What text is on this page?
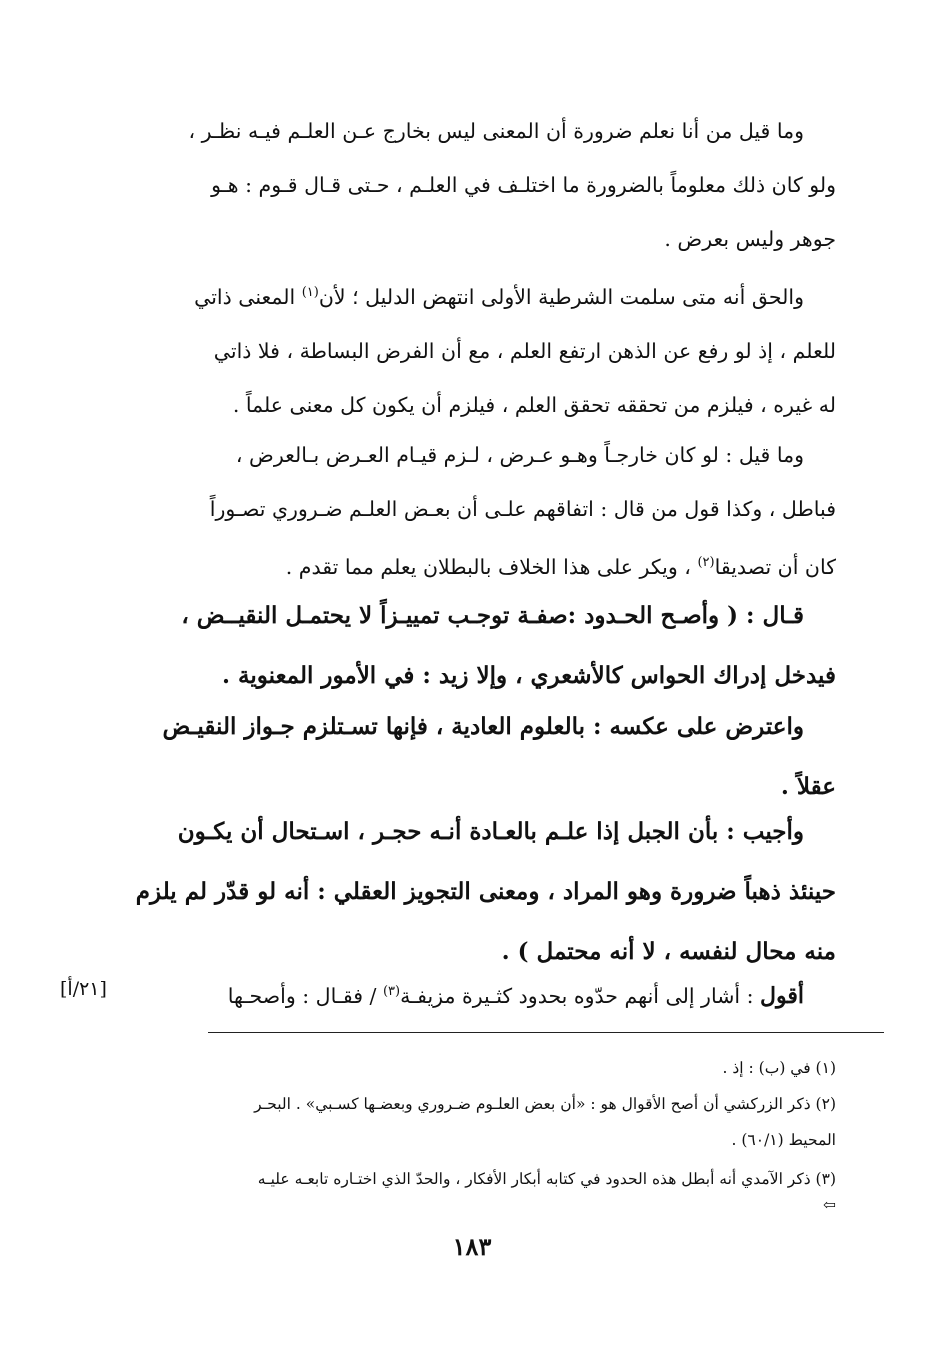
وما قيل من أنا نعلم ضرورة أن المعنى ليس بخارج عـن العلـم فيـه نظـر ،
ولو كان ذلك معلوماً بالضرورة ما اختلـف في العلـم ، حـتى قـال قـوم : هـو
جوهر وليس بعرض .
والحق أنه متى سلمت الشرطية الأولى انتهض الدليل ؛ لأن$^{(١)}$ المعنى ذاتي
للعلم ، إذ لو رفع عن الذهن ارتفع العلم ، مع أن الفرض البساطة ، فلا ذاتي
له غيره ، فيلزم من تحققه تحقق العلم ، فيلزم أن يكون كل معنى علماً .
وما قيل : لو كان خارجـاً وهـو عـرض ، لـزم قيـام العـرض بـالعرض ،
فباطل ، وكذا قول من قال : اتفاقهم علـى أن بعـض العلـم ضـروري تصـوراً
كان أن تصديقا$^{(٢)}$ ، ويكر على هذا الخلاف بالبطلان يعلم مما تقدم .
قـال : ( وأصـح الحـدود :صفـة توجـب تمييـزاً لا يحتمـل النقيــض ،
فيدخل إدراك الحواس كالأشعري ، وإلا زيد : في الأمور المعنوية .
واعترض على عكسه : بالعلوم العادية ، فإنها تسـتلزم جـواز النقيـض
عقلاً .
وأجيب : بأن الجبل إذا علـم بالعـادة أنـه حجـر ، اسـتحال أن يكـون
حينئذ ذهباً ضرورة وهو المراد ، ومعنى التجويز العقلي : أنه لو قدّر لم يلزم
منه محال لنفسه ، لا أنه محتمل ) .
أقول : أشار إلى أنهم حدّوه بحدود كثـيرة مزيفـة$^{(٣)}$ / فقـال : وأصحـها
[٢١/أ]
(١) في (ب) : إذ .
(٢) ذكر الزركشي أن أصح الأقوال هو : «أن بعض العلـوم ضـروري وبعضـها كسـبي» . البحـر
المحيط (٦٠/١) .
(٣) ذكر الآمدي أنه أبطل هذه الحدود في كتابه أبكار الأفكار ، والحدّ الذي اختـاره تابعـه عليـه
⇦
١٨٣
